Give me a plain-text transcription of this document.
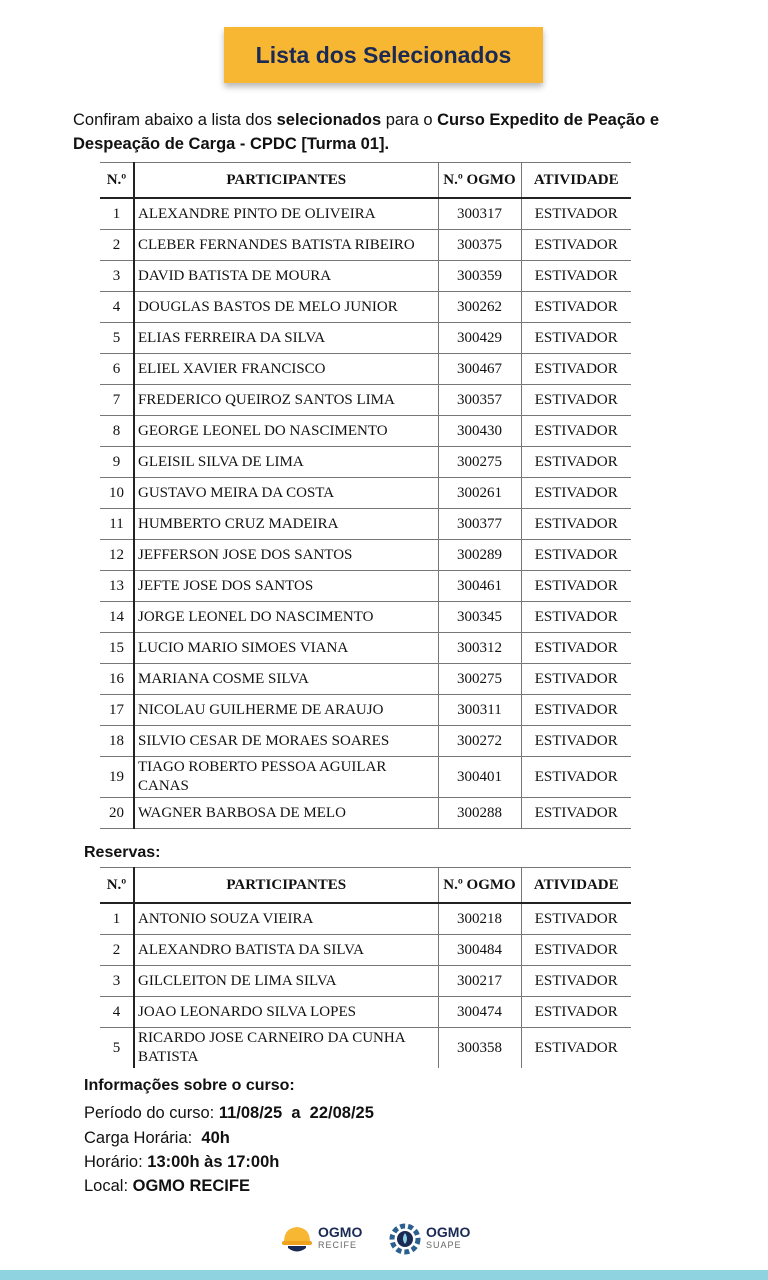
Lista dos Selecionados
Confiram abaixo a lista dos selecionados para o Curso Expedito de Peação e Despeação de Carga - CPDC [Turma 01].
N.º	PARTICIPANTES	N.º OGMO	ATIVIDADE
1	ALEXANDRE PINTO DE OLIVEIRA	300317	ESTIVADOR
2	CLEBER FERNANDES BATISTA RIBEIRO	300375	ESTIVADOR
3	DAVID BATISTA DE MOURA	300359	ESTIVADOR
4	DOUGLAS BASTOS DE MELO JUNIOR	300262	ESTIVADOR
5	ELIAS FERREIRA DA SILVA	300429	ESTIVADOR
6	ELIEL XAVIER FRANCISCO	300467	ESTIVADOR
7	FREDERICO QUEIROZ SANTOS LIMA	300357	ESTIVADOR
8	GEORGE LEONEL DO NASCIMENTO	300430	ESTIVADOR
9	GLEISIL SILVA DE LIMA	300275	ESTIVADOR
10	GUSTAVO MEIRA DA COSTA	300261	ESTIVADOR
11	HUMBERTO CRUZ MADEIRA	300377	ESTIVADOR
12	JEFFERSON JOSE DOS SANTOS	300289	ESTIVADOR
13	JEFTE JOSE DOS SANTOS	300461	ESTIVADOR
14	JORGE LEONEL DO NASCIMENTO	300345	ESTIVADOR
15	LUCIO MARIO SIMOES VIANA	300312	ESTIVADOR
16	MARIANA COSME SILVA	300275	ESTIVADOR
17	NICOLAU GUILHERME DE ARAUJO	300311	ESTIVADOR
18	SILVIO CESAR DE MORAES SOARES	300272	ESTIVADOR
19	TIAGO ROBERTO PESSOA AGUILAR CANAS	300401	ESTIVADOR
20	WAGNER BARBOSA DE MELO	300288	ESTIVADOR
Reservas:
N.º	PARTICIPANTES	N.º OGMO	ATIVIDADE
1	ANTONIO SOUZA VIEIRA	300218	ESTIVADOR
2	ALEXANDRO BATISTA DA SILVA	300484	ESTIVADOR
3	GILCLEITON DE LIMA SILVA	300217	ESTIVADOR
4	JOAO LEONARDO SILVA LOPES	300474	ESTIVADOR
5	RICARDO JOSE CARNEIRO DA CUNHA BATISTA	300358	ESTIVADOR
Informações sobre o curso:
Período do curso: 11/08/25  a  22/08/25
Carga Horária:  40h
Horário: 13:00h às 17:00h
Local: OGMO RECIFE
OGMO
RECIFE
OGMO
SUAPE
